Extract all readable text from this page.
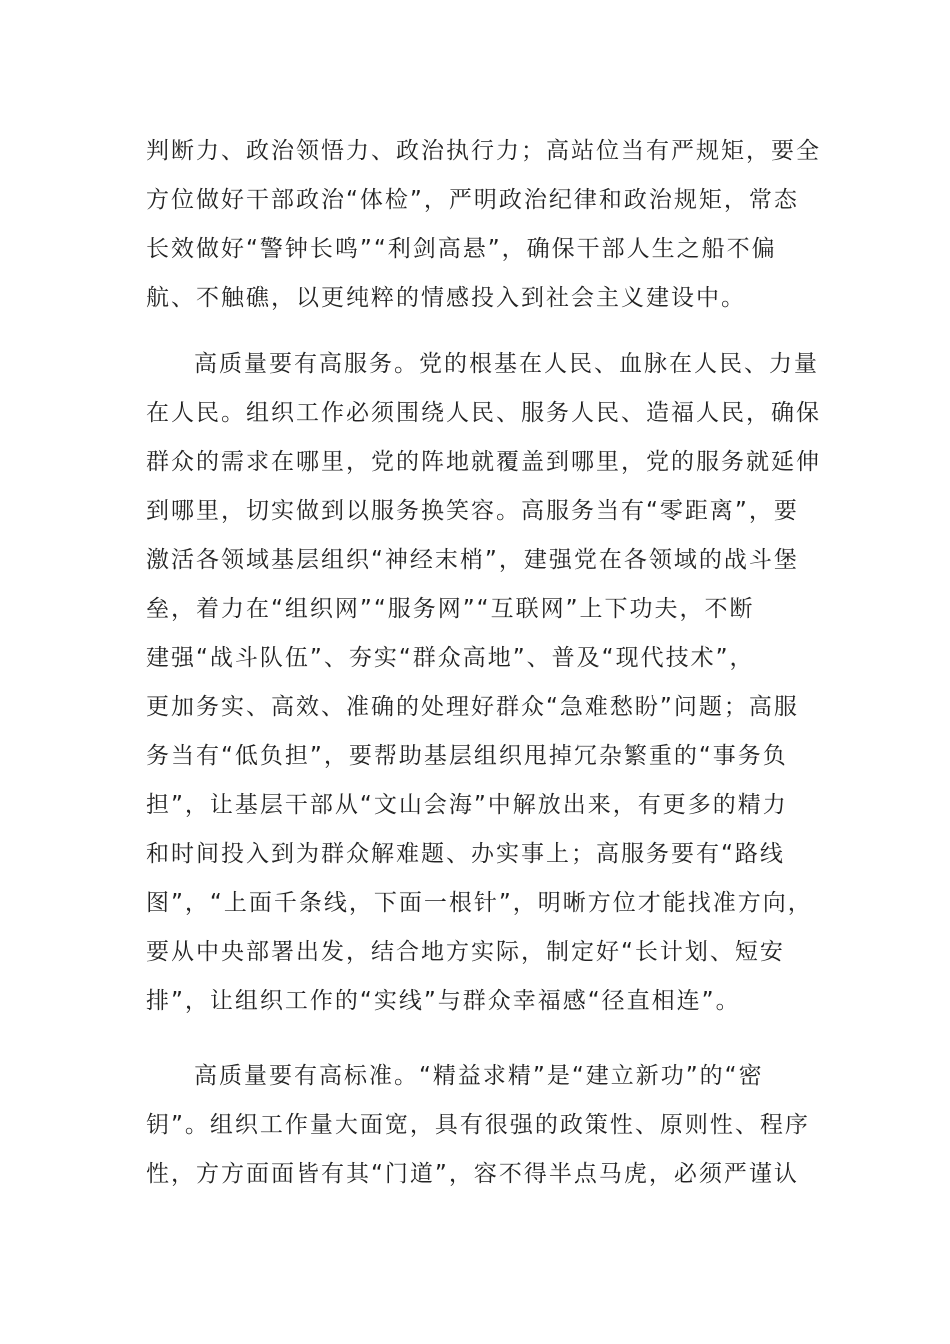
判断力、政治领悟力、政治执行力；高站位当有严规矩，要全
方位做好干部政治“体检”，严明政治纪律和政治规矩，常态
长效做好“警钟长鸣”“利剑高悬”，确保干部人生之船不偏
航、不触礁，以更纯粹的情感投入到社会主义建设中。
高质量要有高服务。党的根基在人民、血脉在人民、力量
在人民。组织工作必须围绕人民、服务人民、造福人民，确保
群众的需求在哪里，党的阵地就覆盖到哪里，党的服务就延伸
到哪里，切实做到以服务换笑容。高服务当有“零距离”，要
激活各领域基层组织“神经末梢”，建强党在各领域的战斗堡
垒，着力在“组织网”“服务网”“互联网”上下功夫，不断
建强“战斗队伍”、夯实“群众高地”、普及“现代技术”，
更加务实、高效、准确的处理好群众“急难愁盼”问题；高服
务当有“低负担”，要帮助基层组织甩掉冗杂繁重的“事务负
担”，让基层干部从“文山会海”中解放出来，有更多的精力
和时间投入到为群众解难题、办实事上；高服务要有“路线
图”，“上面千条线，下面一根针”，明晰方位才能找准方向，
要从中央部署出发，结合地方实际，制定好“长计划、短安
排”，让组织工作的“实线”与群众幸福感“径直相连”。
高质量要有高标准。“精益求精”是“建立新功”的“密
钥”。组织工作量大面宽，具有很强的政策性、原则性、程序
性，方方面面皆有其“门道”，容不得半点马虎，必须严谨认
